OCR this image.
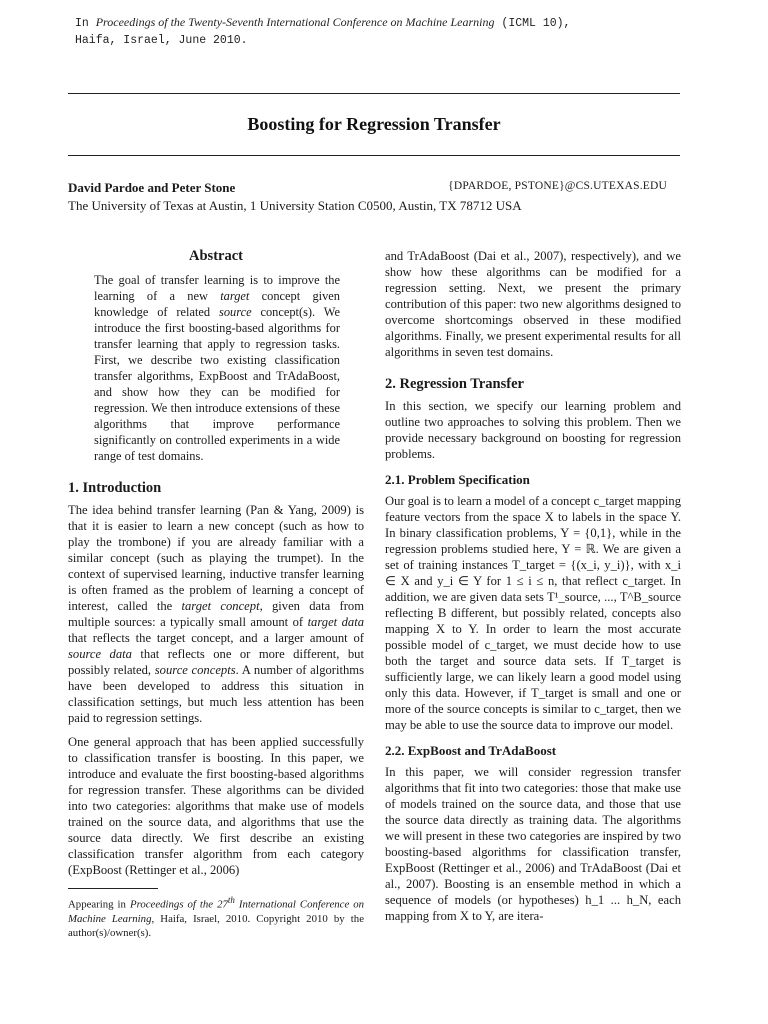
In Proceedings of the Twenty-Seventh International Conference on Machine Learning (ICML 10),
Haifa, Israel, June 2010.
Boosting for Regression Transfer
David Pardoe and Peter Stone	{DPARDOE, PSTONE}@CS.UTEXAS.EDU
The University of Texas at Austin, 1 University Station C0500, Austin, TX 78712 USA
Abstract
The goal of transfer learning is to improve the learning of a new target concept given knowledge of related source concept(s). We introduce the first boosting-based algorithms for transfer learning that apply to regression tasks. First, we describe two existing classification transfer algorithms, ExpBoost and TrAdaBoost, and show how they can be modified for regression. We then introduce extensions of these algorithms that improve performance significantly on controlled experiments in a wide range of test domains.
1. Introduction

The idea behind transfer learning (Pan & Yang, 2009) is that it is easier to learn a new concept (such as how to play the trombone) if you are already familiar with a similar concept (such as playing the trumpet). In the context of supervised learning, inductive transfer learning is often framed as the problem of learning a concept of interest, called the target concept, given data from multiple sources: a typically small amount of target data that reflects the target concept, and a larger amount of source data that reflects one or more different, but possibly related, source concepts. A number of algorithms have been developed to address this situation in classification settings, but much less attention has been paid to regression settings.

One general approach that has been applied successfully to classification transfer is boosting. In this paper, we introduce and evaluate the first boosting-based algorithms for regression transfer. These algorithms can be divided into two categories: algorithms that make use of models trained on the source data, and algorithms that use the source data directly. We first describe an existing classification transfer algorithm from each category (ExpBoost (Rettinger et al., 2006)

Appearing in Proceedings of the 27th International Conference on Machine Learning, Haifa, Israel, 2010. Copyright 2010 by the author(s)/owner(s).

and TrAdaBoost (Dai et al., 2007), respectively), and we show how these algorithms can be modified for a regression setting. Next, we present the primary contribution of this paper: two new algorithms designed to overcome shortcomings observed in these modified algorithms. Finally, we present experimental results for all algorithms in seven test domains.

2. Regression Transfer

In this section, we specify our learning problem and outline two approaches to solving this problem. Then we provide necessary background on boosting for regression problems.

2.1. Problem Specification

Our goal is to learn a model of a concept c_target mapping feature vectors from the space X to labels in the space Y. In binary classification problems, Y = {0,1}, while in the regression problems studied here, Y = ℝ. We are given a set of training instances T_target = {(x_i, y_i)}, with x_i ∈ X and y_i ∈ Y for 1 ≤ i ≤ n, that reflect c_target. In addition, we are given data sets T¹_source, ..., T^B_source reflecting B different, but possibly related, concepts also mapping X to Y. In order to learn the most accurate possible model of c_target, we must decide how to use both the target and source data sets. If T_target is sufficiently large, we can likely learn a good model using only this data. However, if T_target is small and one or more of the source concepts is similar to c_target, then we may be able to use the source data to improve our model.

2.2. ExpBoost and TrAdaBoost

In this paper, we will consider regression transfer algorithms that fit into two categories: those that make use of models trained on the source data, and those that use the source data directly as training data. The algorithms we will present in these two categories are inspired by two boosting-based algorithms for classification transfer, ExpBoost (Rettinger et al., 2006) and TrAdaBoost (Dai et al., 2007). Boosting is an ensemble method in which a sequence of models (or hypotheses) h_1 ... h_N, each mapping from X to Y, are itera-
